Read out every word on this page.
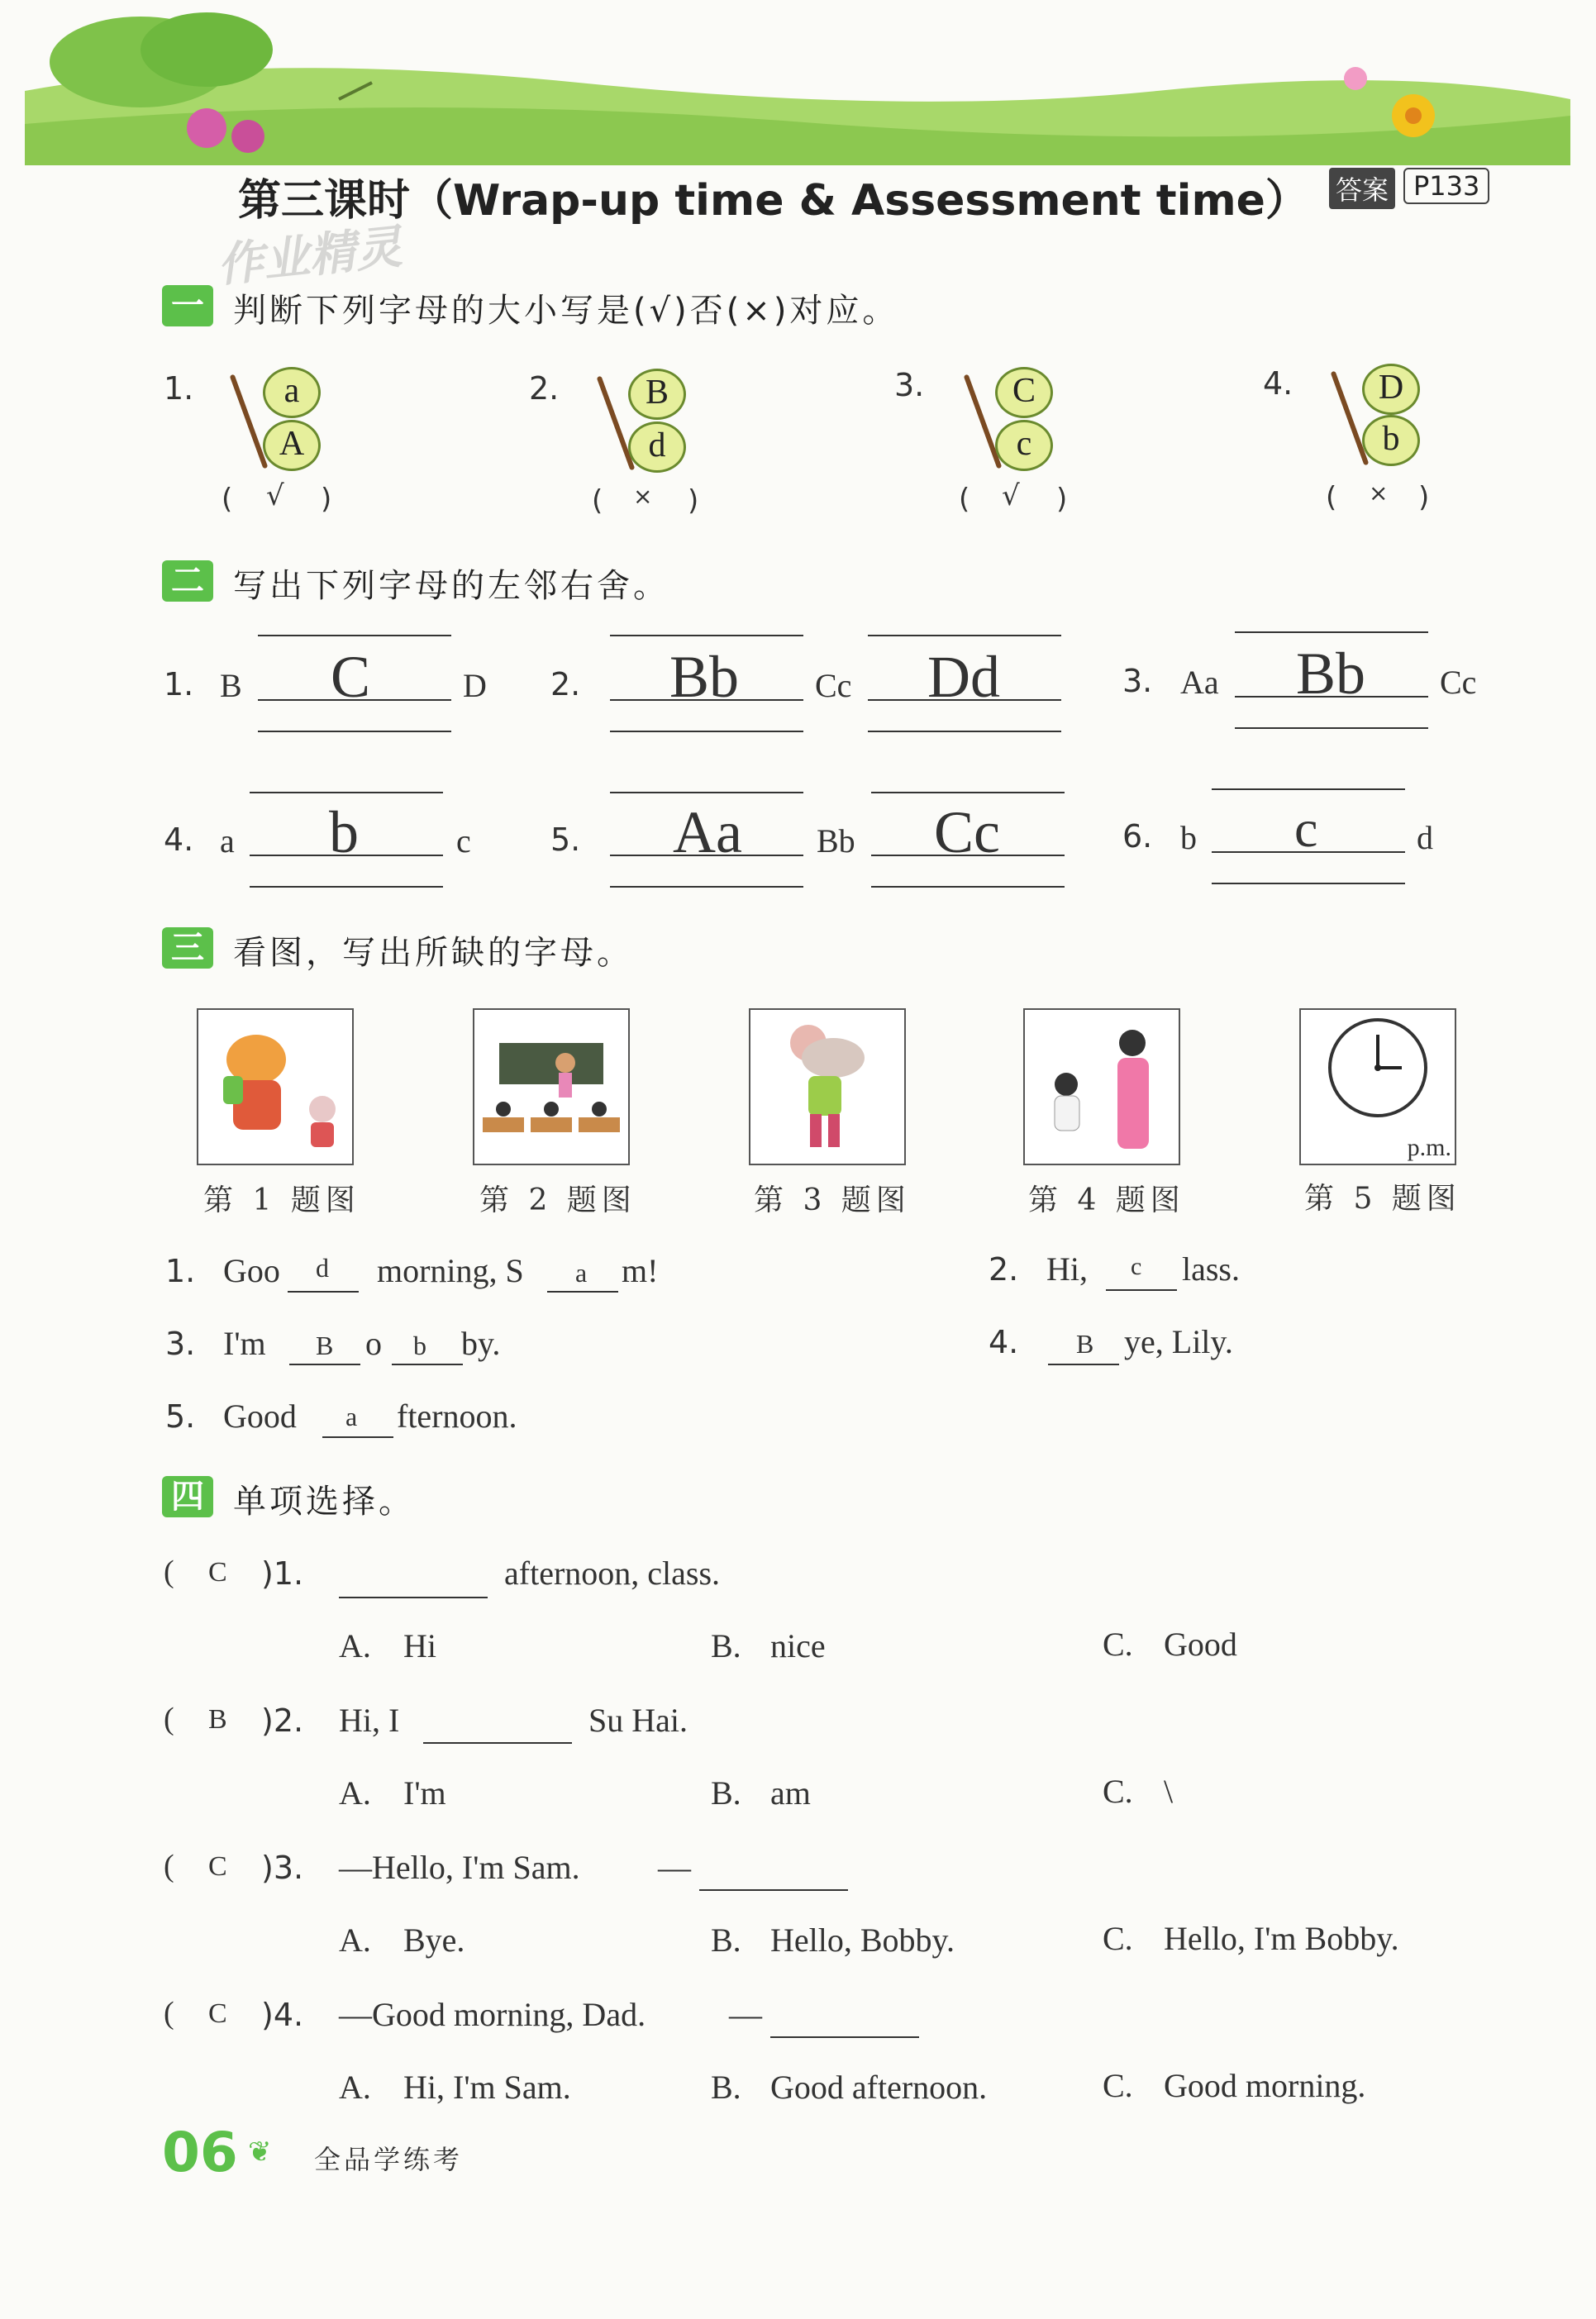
第三课时（Wrap-up time & Assessment time） 答案 P133
作业精灵
一 判断下列字母的大小写是(√)否(×)对应。
1.	a
A
( √ )
2.	B
d
( × )
3.	C
c
( √ )
4.	D
b
( × )
二 写出下列字母的左邻右舍。
1. B C	D 2. Bb Cc Dd	3. Aa Bb Cc
4. a b	c	5. Aa Bb Cc	6. b c	d
三 看图，写出所缺的字母。
p.m.
第 1 题图	第 2 题图	第 3 题图	第 4 题图	第 5 题图
1. Goo d morning, S a m!	2. Hi, c lass.
3. I'm B o b by.	4. B ye, Lily.
5. Good a fternoon.
四 单项选择。
( C )1.	afternoon, class.
A. Hi	B. nice	C. Good
( B )2. Hi, I	Su Hai.
A. I'm	B. am	C. \
( C )3. —Hello, I'm Sam. —
A. Bye.	B. Hello, Bobby.	C. Hello, I'm Bobby.
( C )4. —Good morning, Dad.	—
A. Hi, I'm Sam.	B. Good afternoon.	C. Good morning.
06 ❦ 全品学练考
